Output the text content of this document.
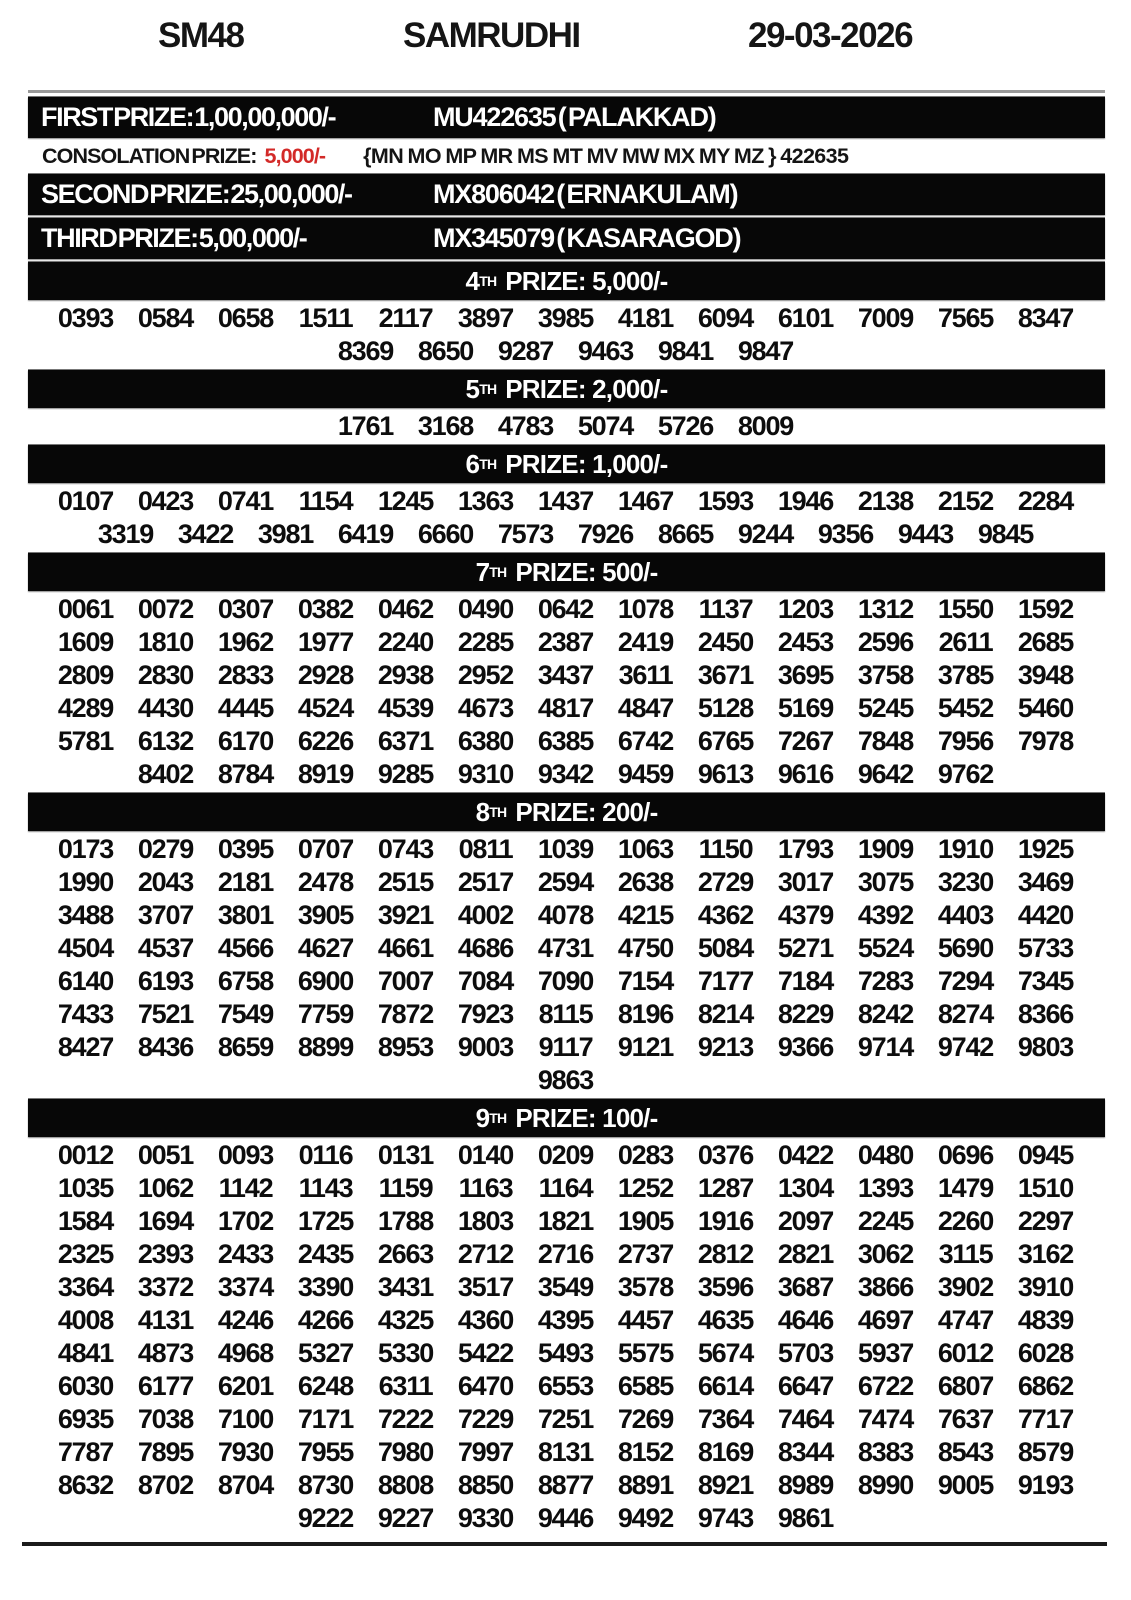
SM48	SAMRUDHI	29-03-2026
FIRST PRIZE: 1,00,00,000/-	MU422635 ( PALAKKAD)
CONSOLATION PRIZE: 5,000/- {MN MO MP MR MS MT MV MW MX MY MZ } 422635
SECOND PRIZE: 25,00,000/-	MX806042 ( ERNAKULAM)
THIRD PRIZE: 5,00,000/-	MX345079 ( KASARAGOD)
4 TH PRIZE: 5,000/-
0393 0584 0658 1511 2117 3897 3985 4181 6094 6101 7009 7565 8347
8369 8650 9287 9463 9841 9847
5 TH PRIZE: 2,000/-
1761 3168 4783 5074 5726 8009
6 TH PRIZE: 1,000/-
0107 0423 0741 1154 1245 1363 1437 1467 1593 1946 2138 2152 2284
3319 3422 3981 6419 6660 7573 7926 8665 9244 9356 9443 9845
7 TH PRIZE: 500/-
0061 0072 0307 0382 0462 0490 0642 1078 1137 1203 1312 1550 1592
1609 1810 1962 1977 2240 2285 2387 2419 2450 2453 2596 2611 2685
2809 2830 2833 2928 2938 2952 3437 3611 3671 3695 3758 3785 3948
4289 4430 4445 4524 4539 4673 4817 4847 5128 5169 5245 5452 5460
5781 6132 6170 6226 6371 6380 6385 6742 6765 7267 7848 7956 7978
8402 8784 8919 9285 9310 9342 9459 9613 9616 9642 9762
8 TH PRIZE: 200/-
0173 0279 0395 0707 0743 0811 1039 1063 1150 1793 1909 1910 1925
1990 2043 2181 2478 2515 2517 2594 2638 2729 3017 3075 3230 3469
3488 3707 3801 3905 3921 4002 4078 4215 4362 4379 4392 4403 4420
4504 4537 4566 4627 4661 4686 4731 4750 5084 5271 5524 5690 5733
6140 6193 6758 6900 7007 7084 7090 7154 7177 7184 7283 7294 7345
7433 7521 7549 7759 7872 7923 8115 8196 8214 8229 8242 8274 8366
8427 8436 8659 8899 8953 9003 9117 9121 9213 9366 9714 9742 9803
9863
9 TH PRIZE: 100/-
0012 0051 0093 0116 0131 0140 0209 0283 0376 0422 0480 0696 0945
1035 1062 1142 1143 1159 1163 1164 1252 1287 1304 1393 1479 1510
1584 1694 1702 1725 1788 1803 1821 1905 1916 2097 2245 2260 2297
2325 2393 2433 2435 2663 2712 2716 2737 2812 2821 3062 3115 3162
3364 3372 3374 3390 3431 3517 3549 3578 3596 3687 3866 3902 3910
4008 4131 4246 4266 4325 4360 4395 4457 4635 4646 4697 4747 4839
4841 4873 4968 5327 5330 5422 5493 5575 5674 5703 5937 6012 6028
6030 6177 6201 6248 6311 6470 6553 6585 6614 6647 6722 6807 6862
6935 7038 7100 7171 7222 7229 7251 7269 7364 7464 7474 7637 7717
7787 7895 7930 7955 7980 7997 8131 8152 8169 8344 8383 8543 8579
8632 8702 8704 8730 8808 8850 8877 8891 8921 8989 8990 9005 9193
9222 9227 9330 9446 9492 9743 9861
